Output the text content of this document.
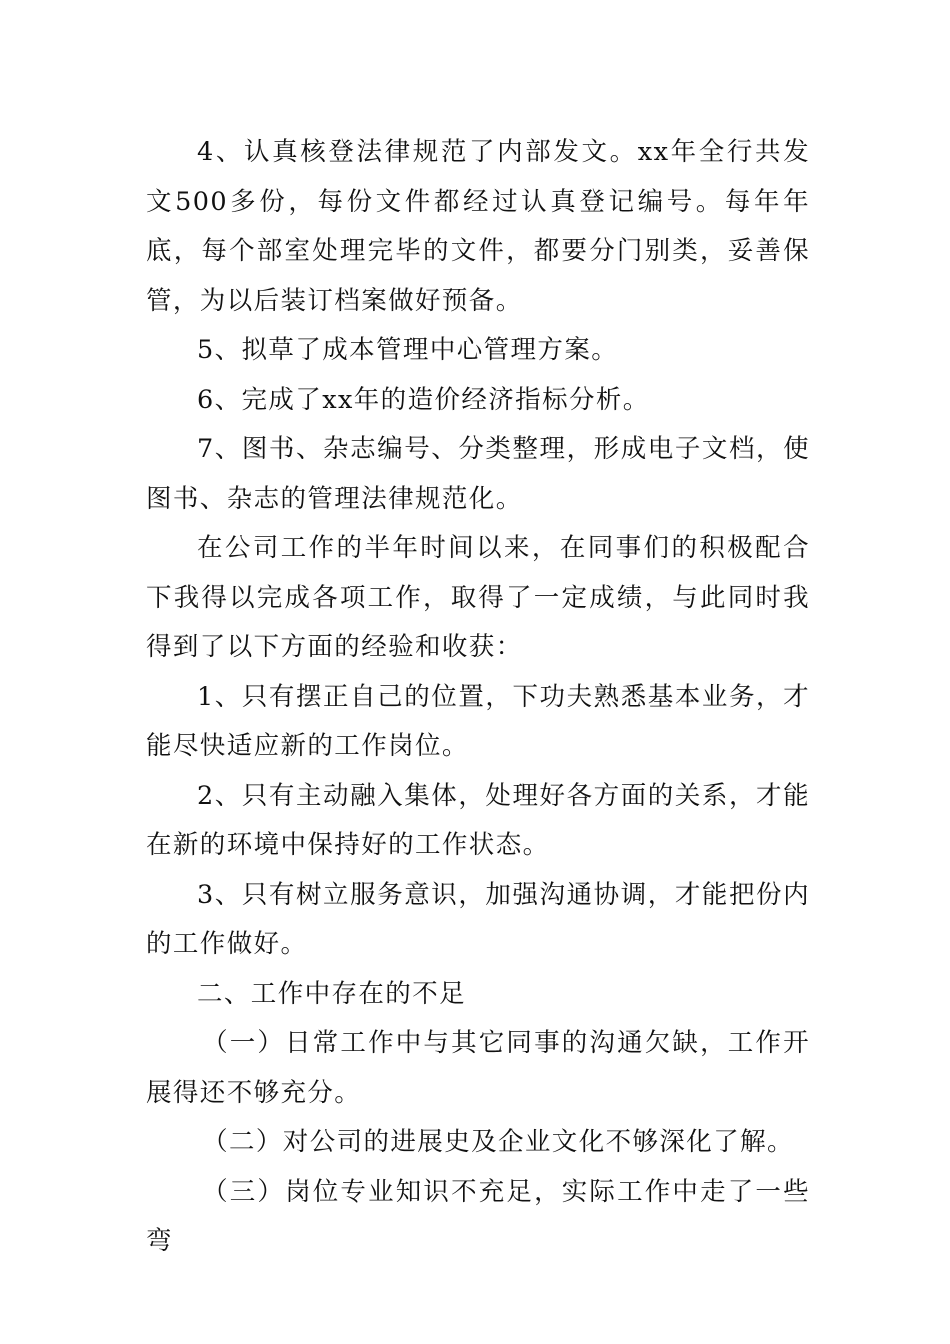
4、认真核登法律规范了内部发文。xx年全行共发文500多份，每份文件都经过认真登记编号。每年年底，每个部室处理完毕的文件，都要分门别类，妥善保管，为以后装订档案做好预备。

5、拟草了成本管理中心管理方案。

6、完成了xx年的造价经济指标分析。

7、图书、杂志编号、分类整理，形成电子文档，使图书、杂志的管理法律规范化。

在公司工作的半年时间以来，在同事们的积极配合下我得以完成各项工作，取得了一定成绩，与此同时我得到了以下方面的经验和收获：

1、只有摆正自己的位置，下功夫熟悉基本业务，才能尽快适应新的工作岗位。

2、只有主动融入集体，处理好各方面的关系，才能在新的环境中保持好的工作状态。

3、只有树立服务意识，加强沟通协调，才能把份内的工作做好。

二、工作中存在的不足

（一）日常工作中与其它同事的沟通欠缺，工作开展得还不够充分。

（二）对公司的进展史及企业文化不够深化了解。

（三）岗位专业知识不充足，实际工作中走了一些弯
